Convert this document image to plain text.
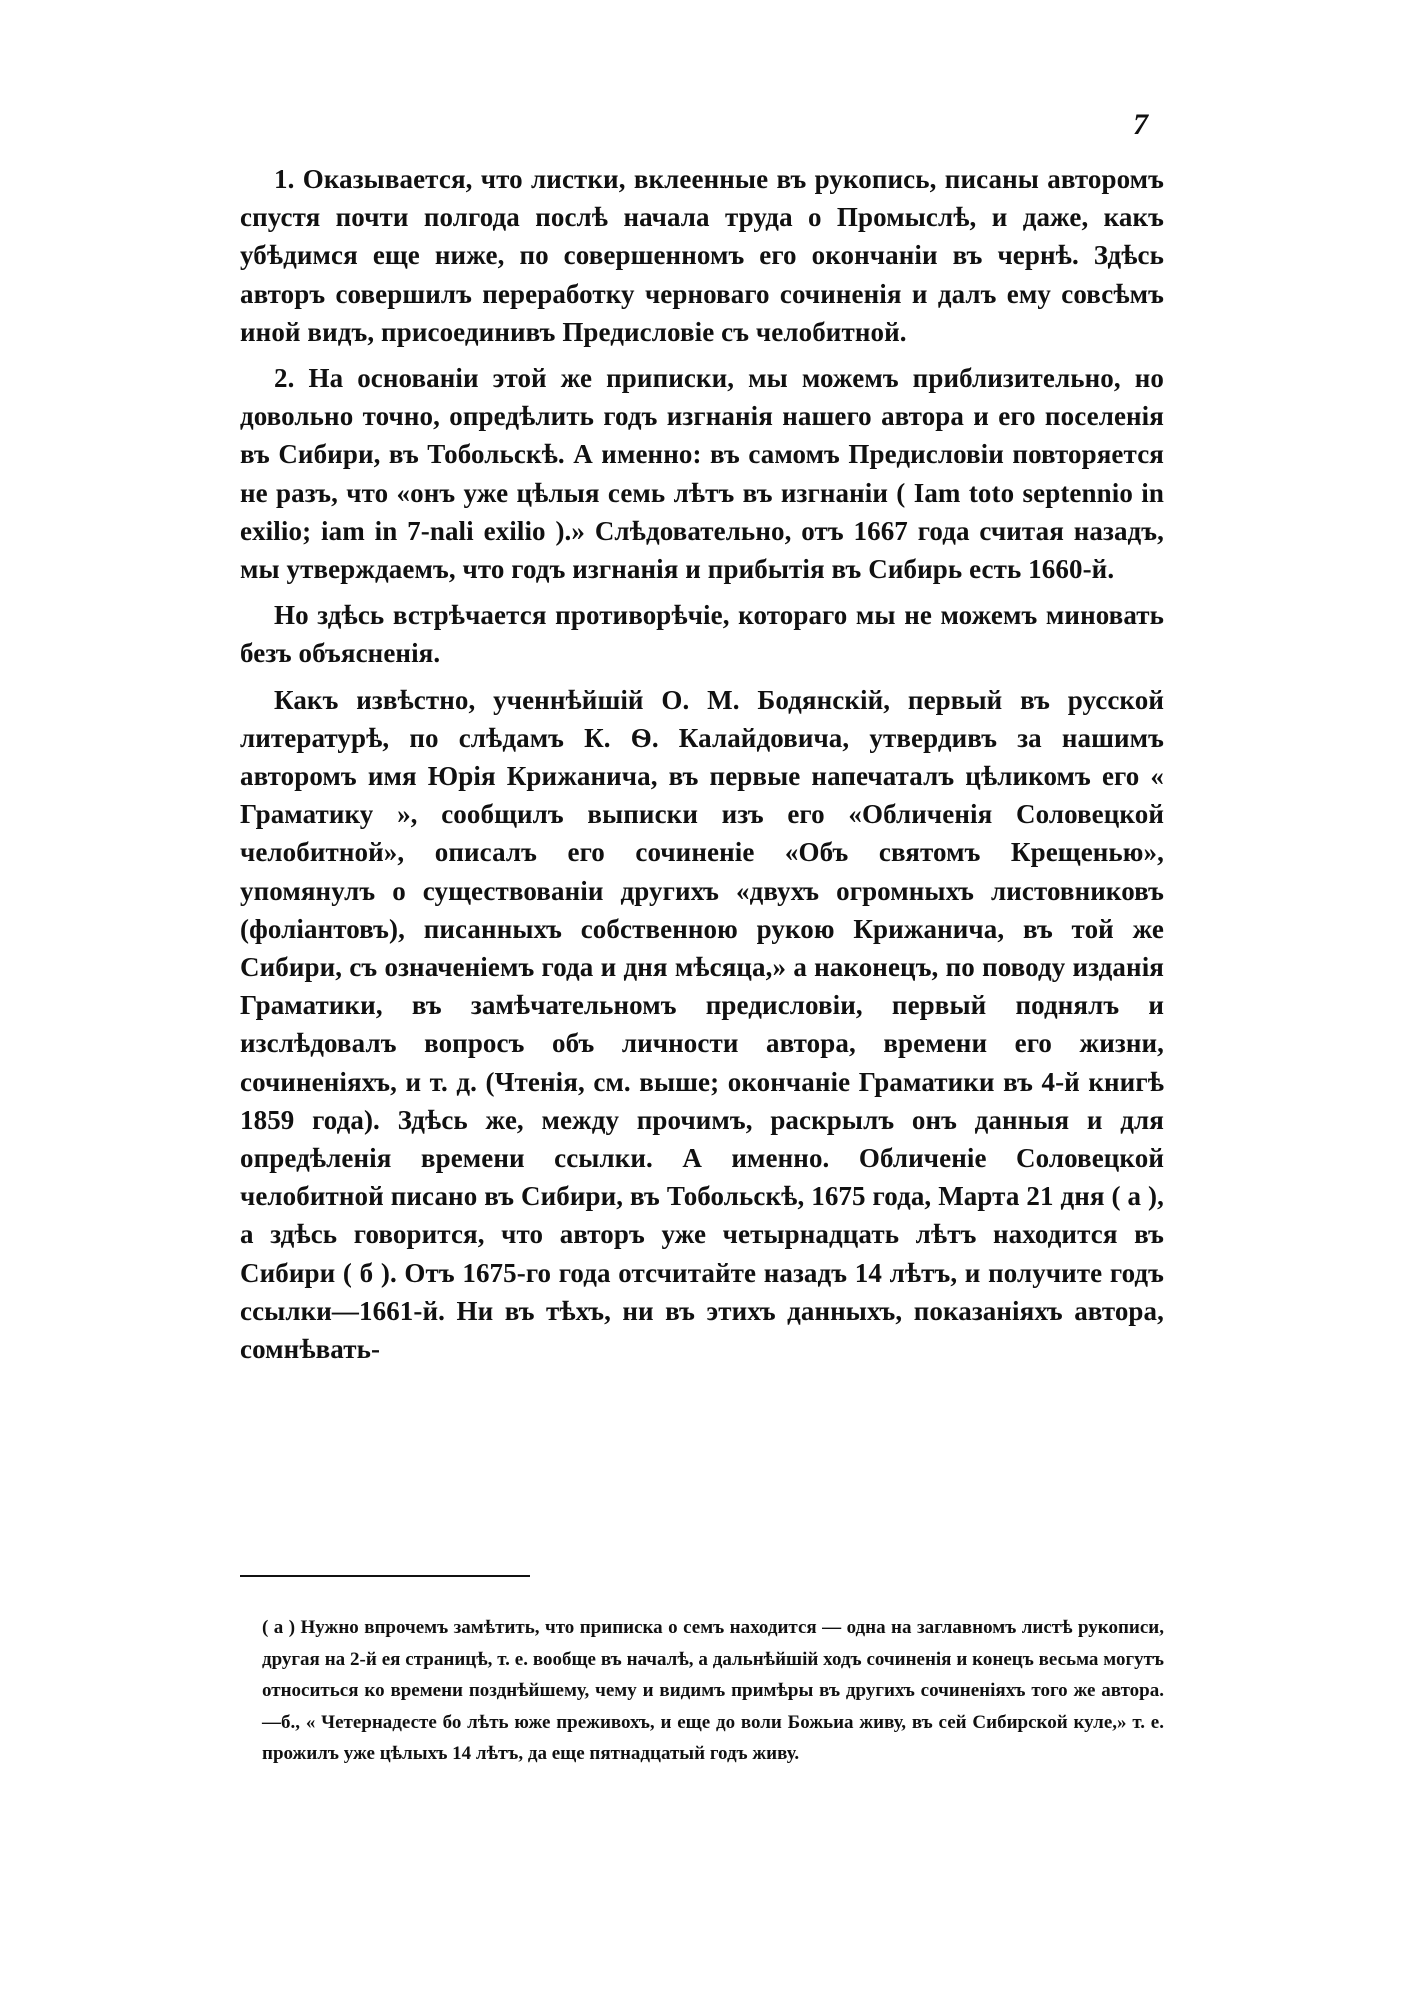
7

1. Оказывается, что листки, вклеенные въ рукопись, писаны авторомъ спустя почти полгода послѣ начала труда о Промыслѣ, и даже, какъ убѣдимся еще ниже, по совершенномъ его окончаніи въ чернѣ. Здѣсь авторъ совершилъ переработку черноваго сочиненія и далъ ему совсѣмъ иной видъ, присоединивъ Предисловіе съ челобитной.

2. На основаніи этой же приписки, мы можемъ приблизительно, но довольно точно, опредѣлить годъ изгнанія нашего автора и его поселенія въ Сибири, въ Тобольскѣ. А именно: въ самомъ Предисловіи повторяется не разъ, что «онъ уже цѣлыя семь лѣтъ въ изгнаніи ( Iam toto septennio in exilio; iam in 7-nali exilio ).» Слѣдовательно, отъ 1667 года считая назадъ, мы утверждаемъ, что годъ изгнанія и прибытія въ Сибирь есть 1660-й.

Но здѣсь встрѣчается противорѣчіе, котораго мы не можемъ миновать безъ объясненія.

Какъ извѣстно, ученнѣйшій О. М. Бодянскій, первый въ русской литературѣ, по слѣдамъ К. Ѳ. Калайдовича, утвердивъ за нашимъ авторомъ имя Юрія Крижанича, въ первые напечаталъ цѣликомъ его « Граматику », сообщилъ выписки изъ его «Обличенія Соловецкой челобитной», описалъ его сочиненіе «Объ святомъ Крещенью», упомянулъ о существованіи другихъ «двухъ огромныхъ листовниковъ (фоліантовъ), писанныхъ собственною рукою Крижанича, въ той же Сибири, съ означеніемъ года и дня мѣсяца,» а наконецъ, по поводу изданія Граматики, въ замѣчательномъ предисловіи, первый поднялъ и изслѣдовалъ вопросъ объ личности автора, времени его жизни, сочиненіяхъ, и т. д. (Чтенія, см. выше; окончаніе Граматики въ 4-й книгѣ 1859 года). Здѣсь же, между прочимъ, раскрылъ онъ данныя и для опредѣленія времени ссылки. А именно. Обличеніе Соловецкой челобитной писано въ Сибири, въ Тобольскѣ, 1675 года, Марта 21 дня ( а ), а здѣсь говорится, что авторъ уже четырнадцать лѣтъ находится въ Сибири ( б ). Отъ 1675-го года отсчитайте назадъ 14 лѣтъ, и получите годъ ссылки—1661-й. Ни въ тѣхъ, ни въ этихъ данныхъ, показаніяхъ автора, сомнѣвать-

( а ) Нужно впрочемъ замѣтить, что приписка о семъ находится — одна на заглавномъ листѣ рукописи, другая на 2-й ея страницѣ, т. е. вообще въ началѣ, а дальнѣйшій ходъ сочиненія и конецъ весьма могутъ относиться ко времени позднѣйшему, чему и видимъ примѣры въ другихъ сочиненіяхъ того же автора.—б., « Четернадесте бо лѣть юже преживохъ, и еще до воли Божьиа живу, въ сей Сибирской куле,» т. е. прожилъ уже цѣлыхъ 14 лѣтъ, да еще пятнадцатый годъ живу.
